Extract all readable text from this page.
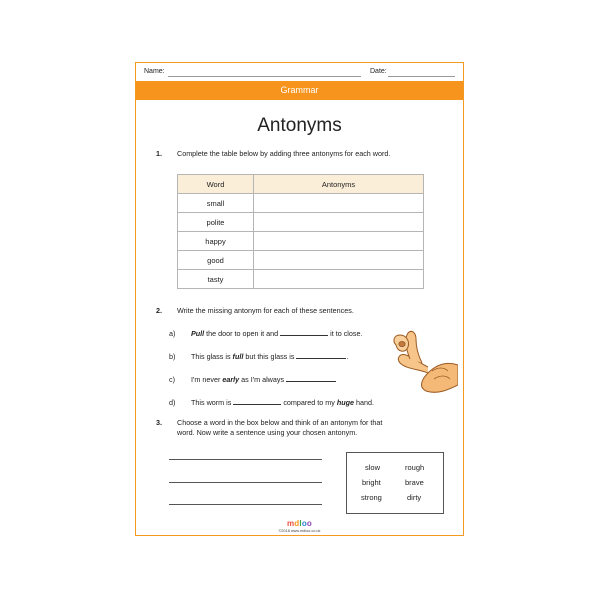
Name:	Date:
Grammar
Antonyms
1. Complete the table below by adding three antonyms for each word.
Word	Antonyms
small	
polite	
happy	
good	
tasty	
2. Write the missing antonym for each of these sentences.
a) Pull the door to open it and	it to close.
b) This glass is full but this glass is	.
c) I'm never early as I'm always
d) This worm is	compared to my huge hand.
3. Choose a word in the box below and think of an antonym for that
word. Now write a sentence using your chosen antonym.
slow	rough
bright	brave
strong	dirty
mdloo
©2018 www.mdloo.co.uk
